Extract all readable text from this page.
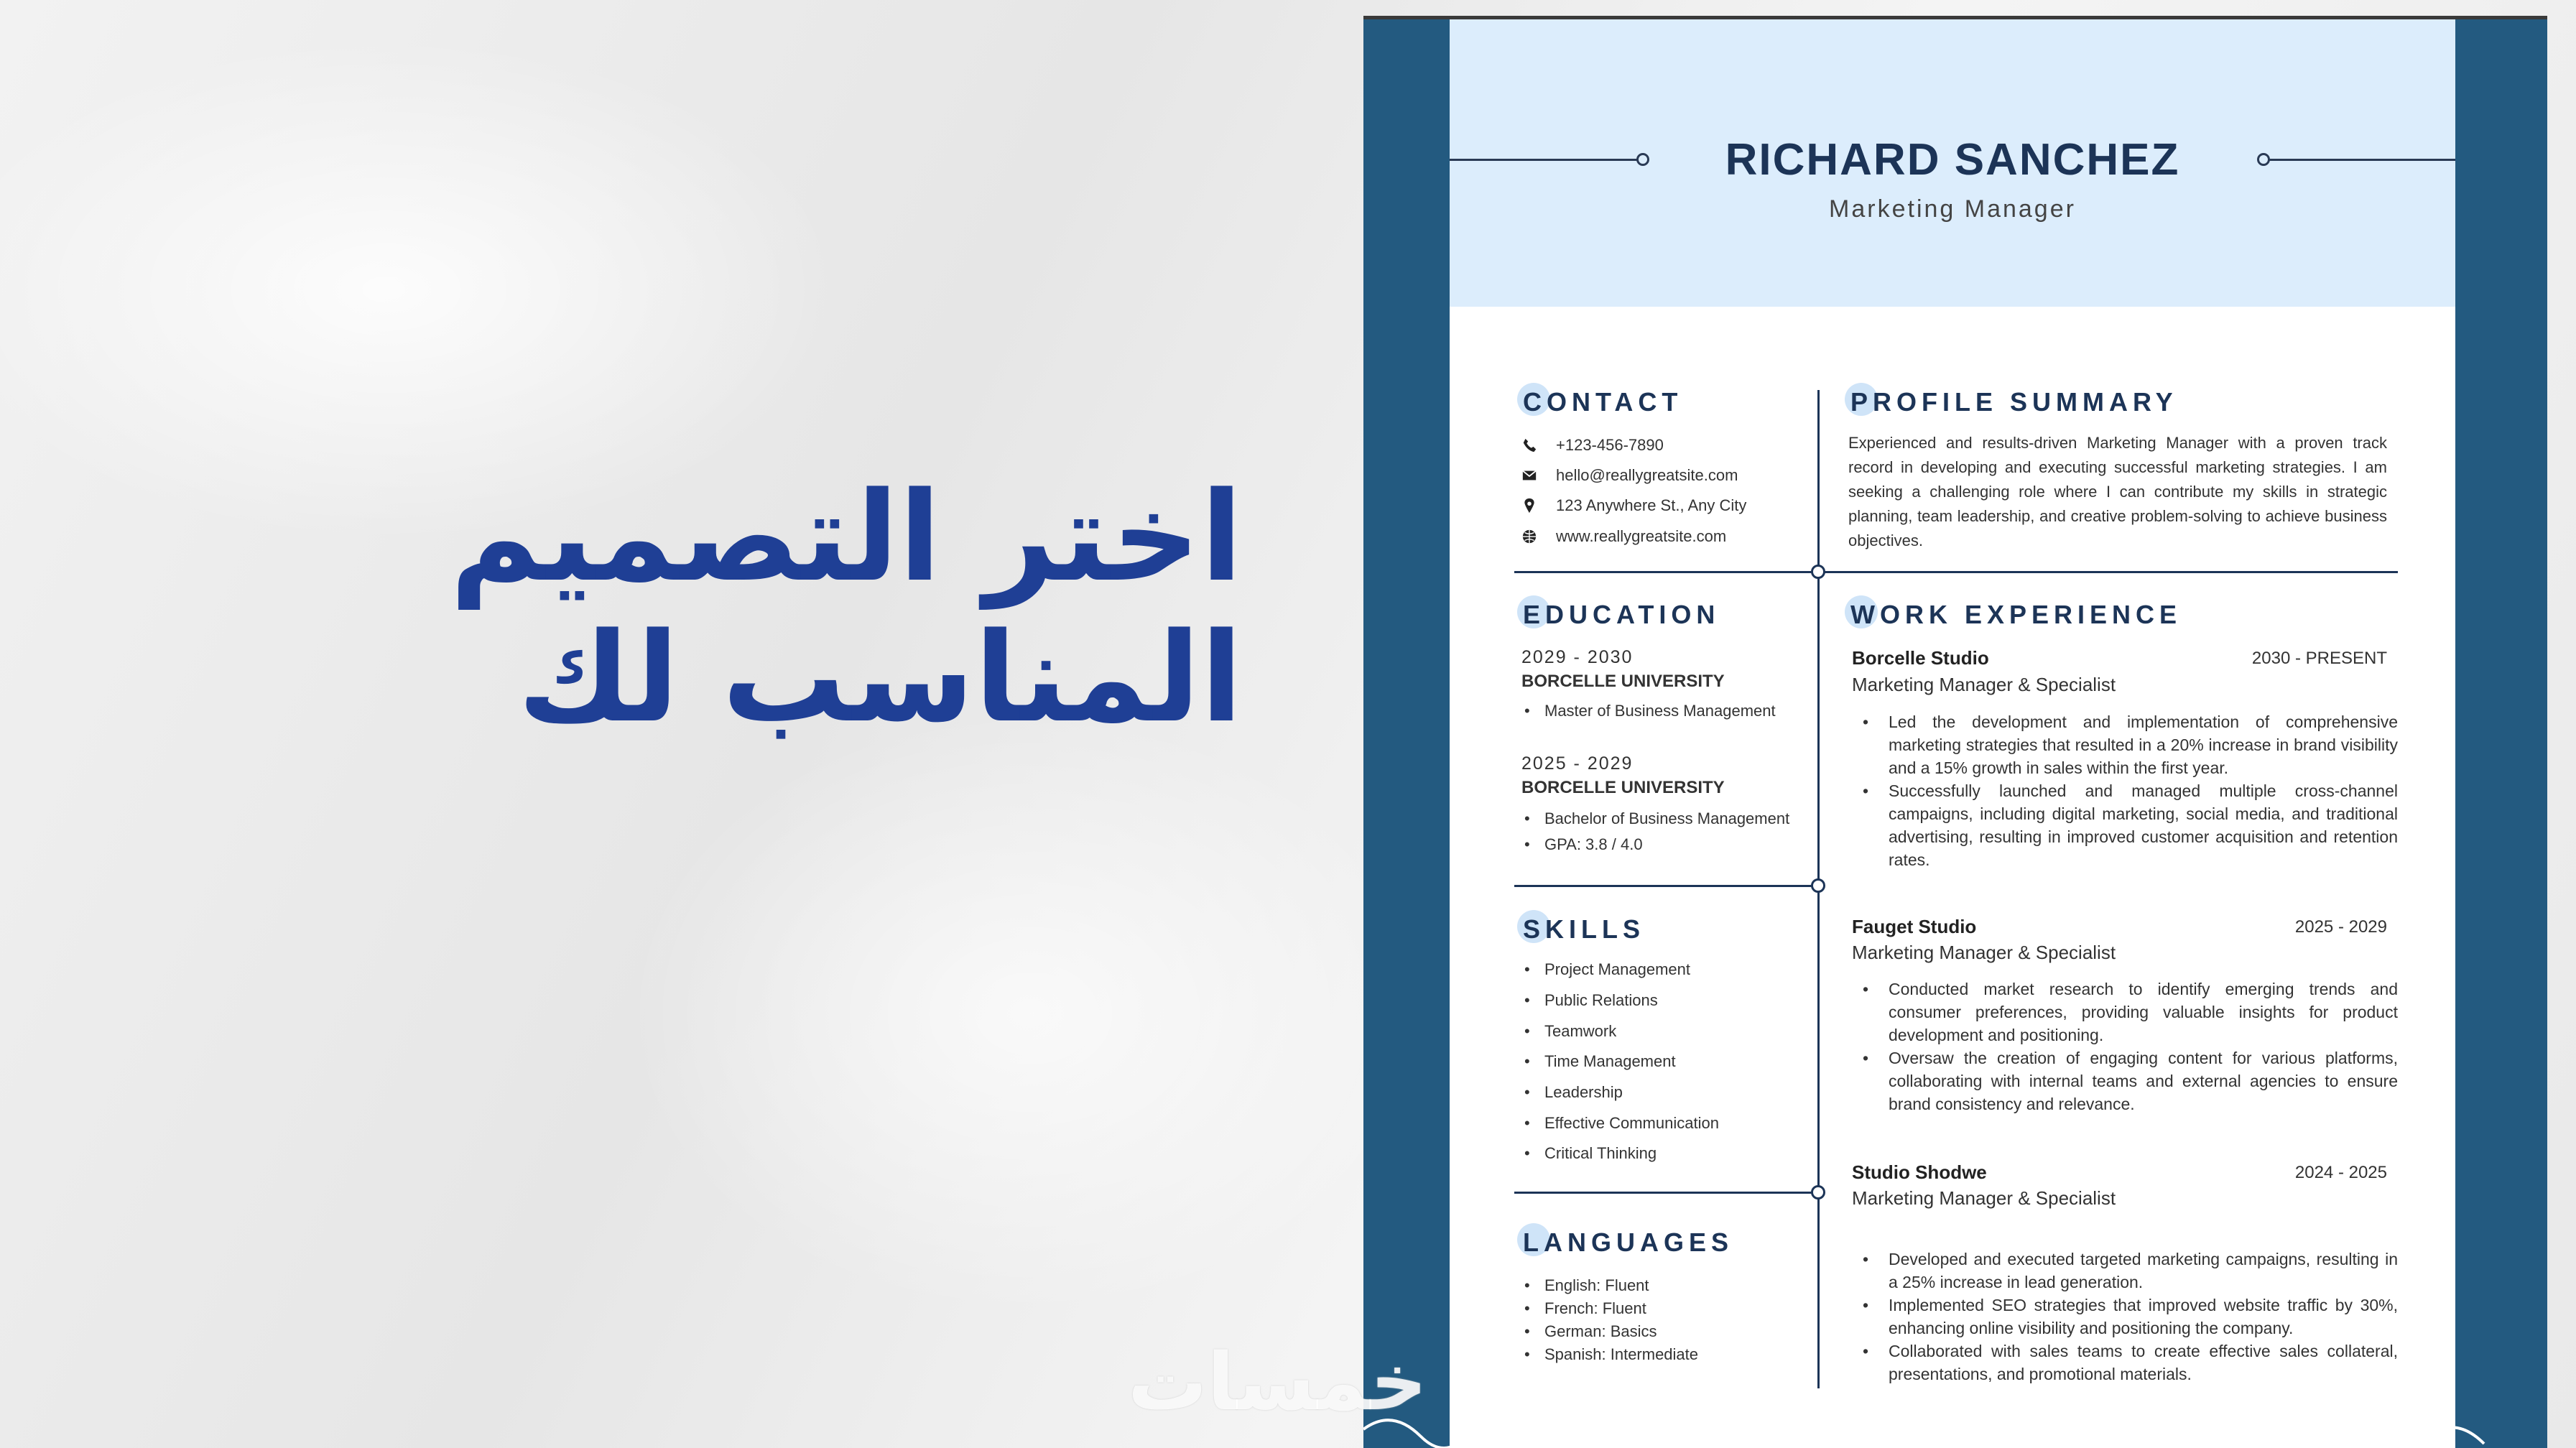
اختر التصميم
المناسب لك
RICHARD SANCHEZ
Marketing Manager
CONTACT
+123-456-7890
hello@reallygreatsite.com
123 Anywhere St., Any City
www.reallygreatsite.com
EDUCATION
2029 - 2030
BORCELLE UNIVERSITY
• Master of Business Management
2025 - 2029
BORCELLE UNIVERSITY
• Bachelor of Business Management
• GPA: 3.8 / 4.0
SKILLS
• Project Management
• Public Relations
• Teamwork
• Time Management
• Leadership
• Effective Communication
• Critical Thinking
LANGUAGES
• English: Fluent
• French: Fluent
• German: Basics
• Spanish: Intermediate
PROFILE SUMMARY
Experienced and results-driven Marketing Manager with a proven track record in developing and executing successful marketing strategies. I am seeking a challenging role where I can contribute my skills in strategic planning, team leadership, and creative problem-solving to achieve business objectives.
WORK EXPERIENCE
Borcelle Studio	2030 - PRESENT
Marketing Manager & Specialist
• Led the development and implementation of comprehensive marketing strategies that resulted in a 20% increase in brand visibility and a 15% growth in sales within the first year.
• Successfully launched and managed multiple cross-channel campaigns, including digital marketing, social media, and traditional advertising, resulting in improved customer acquisition and retention rates.
Fauget Studio	2025 - 2029
Marketing Manager & Specialist
• Conducted market research to identify emerging trends and consumer preferences, providing valuable insights for product development and positioning.
• Oversaw the creation of engaging content for various platforms, collaborating with internal teams and external agencies to ensure brand consistency and relevance.
Studio Shodwe	2024 - 2025
Marketing Manager & Specialist
• Developed and executed targeted marketing campaigns, resulting in a 25% increase in lead generation.
• Implemented SEO strategies that improved website traffic by 30%, enhancing online visibility and positioning the company.
• Collaborated with sales teams to create effective sales collateral, presentations, and promotional materials.
خمسات
